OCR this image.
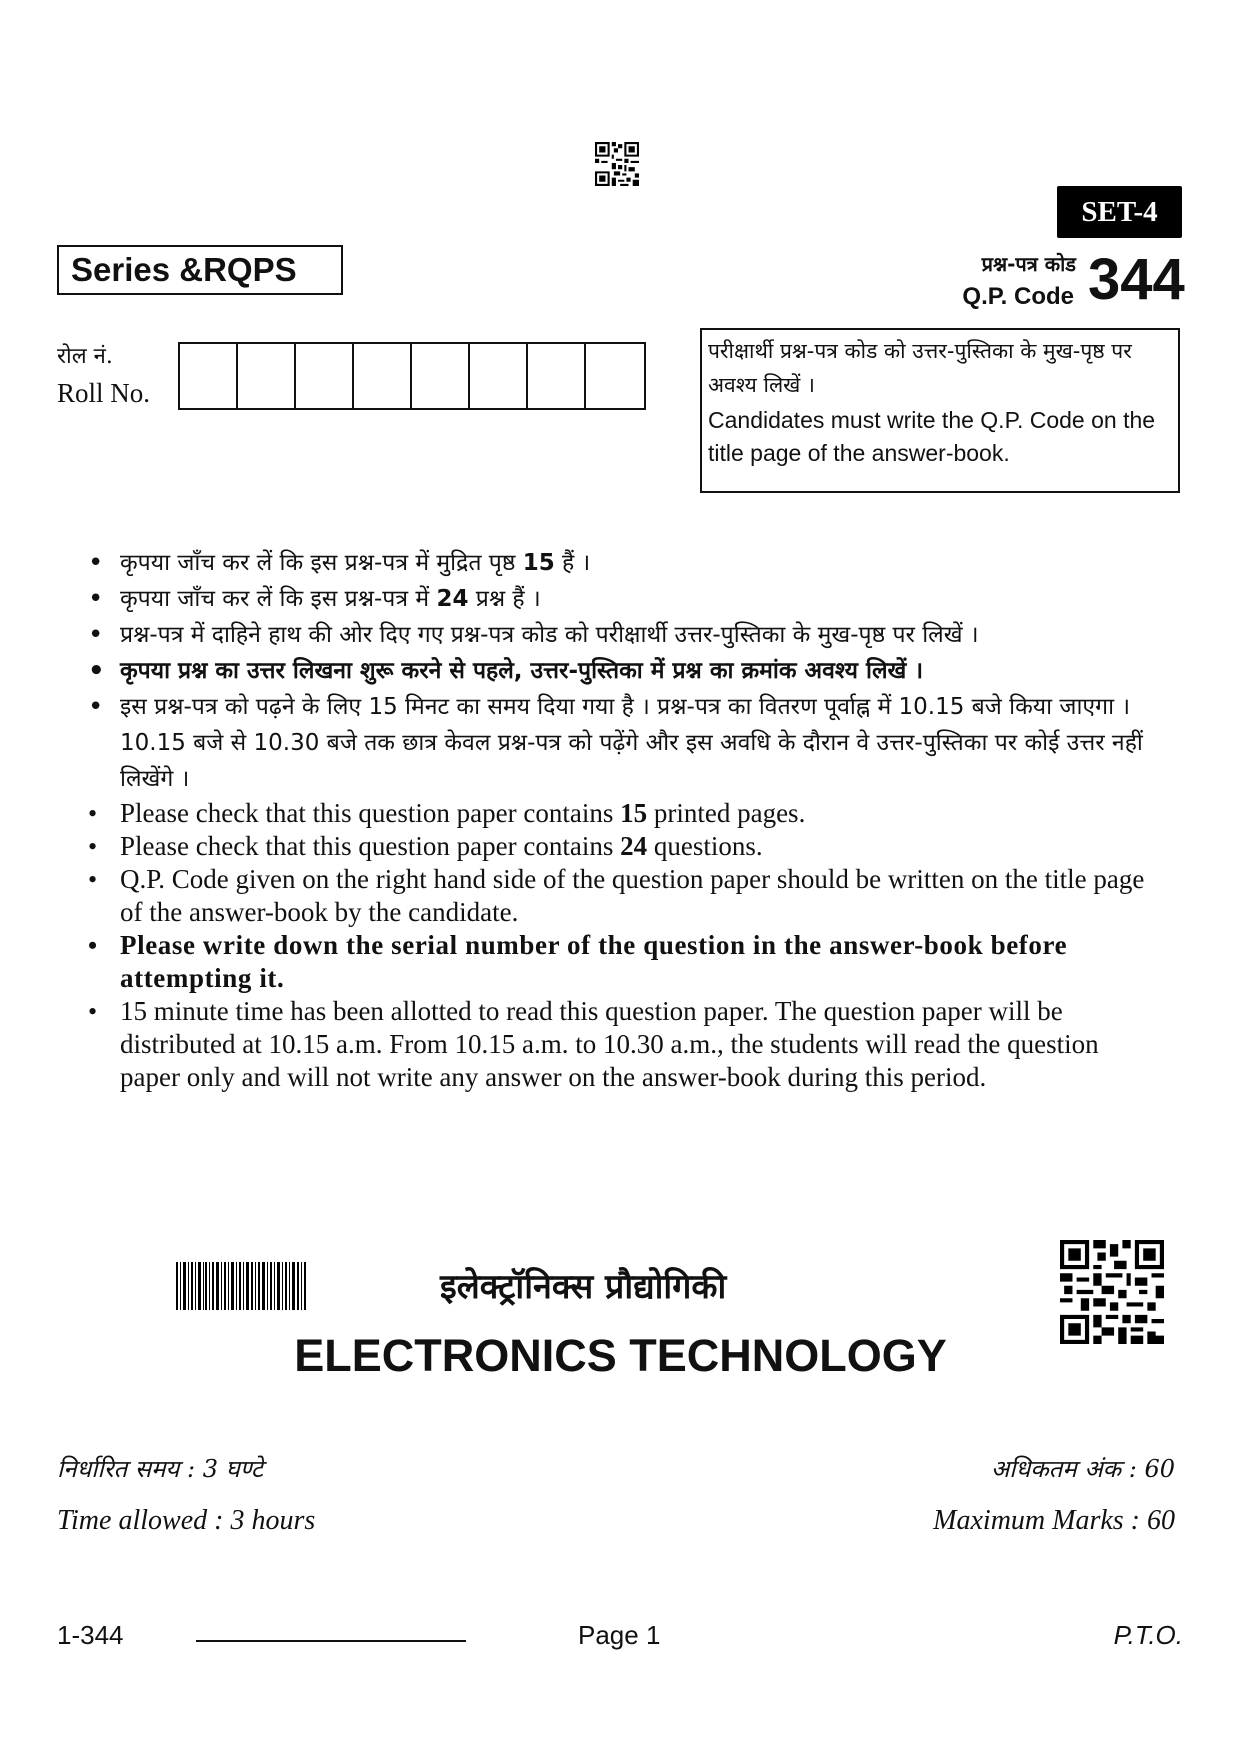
SET-4
Series &RQPS	प्रश्न-पत्र कोड
Q.P. Code 344
रोल नं.
Roll No.

परीक्षार्थी प्रश्न-पत्र कोड को उत्तर-पुस्तिका के मुख-पृष्ठ पर अवश्य लिखें ।

Candidates must write the Q.P. Code on the title page of the answer-book.

• कृपया जाँच कर लें कि इस प्रश्न-पत्र में मुद्रित पृष्ठ 15 हैं ।
• कृपया जाँच कर लें कि इस प्रश्न-पत्र में 24 प्रश्न हैं ।
• प्रश्न-पत्र में दाहिने हाथ की ओर दिए गए प्रश्न-पत्र कोड को परीक्षार्थी उत्तर-पुस्तिका के मुख-पृष्ठ पर लिखें ।
• कृपया प्रश्न का उत्तर लिखना शुरू करने से पहले, उत्तर-पुस्तिका में प्रश्न का क्रमांक अवश्य लिखें ।
• इस प्रश्न-पत्र को पढ़ने के लिए 15 मिनट का समय दिया गया है । प्रश्न-पत्र का वितरण पूर्वाह्न में 10.15 बजे किया जाएगा । 10.15 बजे से 10.30 बजे तक छात्र केवल प्रश्न-पत्र को पढ़ेंगे और इस अवधि के दौरान वे उत्तर-पुस्तिका पर कोई उत्तर नहीं लिखेंगे ।
• Please check that this question paper contains 15 printed pages.
• Please check that this question paper contains 24 questions.
• Q.P. Code given on the right hand side of the question paper should be written on the title page of the answer-book by the candidate.
• Please write down the serial number of the question in the answer-book before attempting it.
• 15 minute time has been allotted to read this question paper. The question paper will be distributed at 10.15 a.m. From 10.15 a.m. to 10.30 a.m., the students will read the question paper only and will not write any answer on the answer-book during this period.
इलेक्ट्रॉनिक्स प्रौद्योगिकी
ELECTRONICS TECHNOLOGY
निर्धारित समय : 3 घण्टे
Time allowed : 3 hours
अधिकतम अंक : 60
Maximum Marks : 60
1-344	Page 1	P.T.O.
